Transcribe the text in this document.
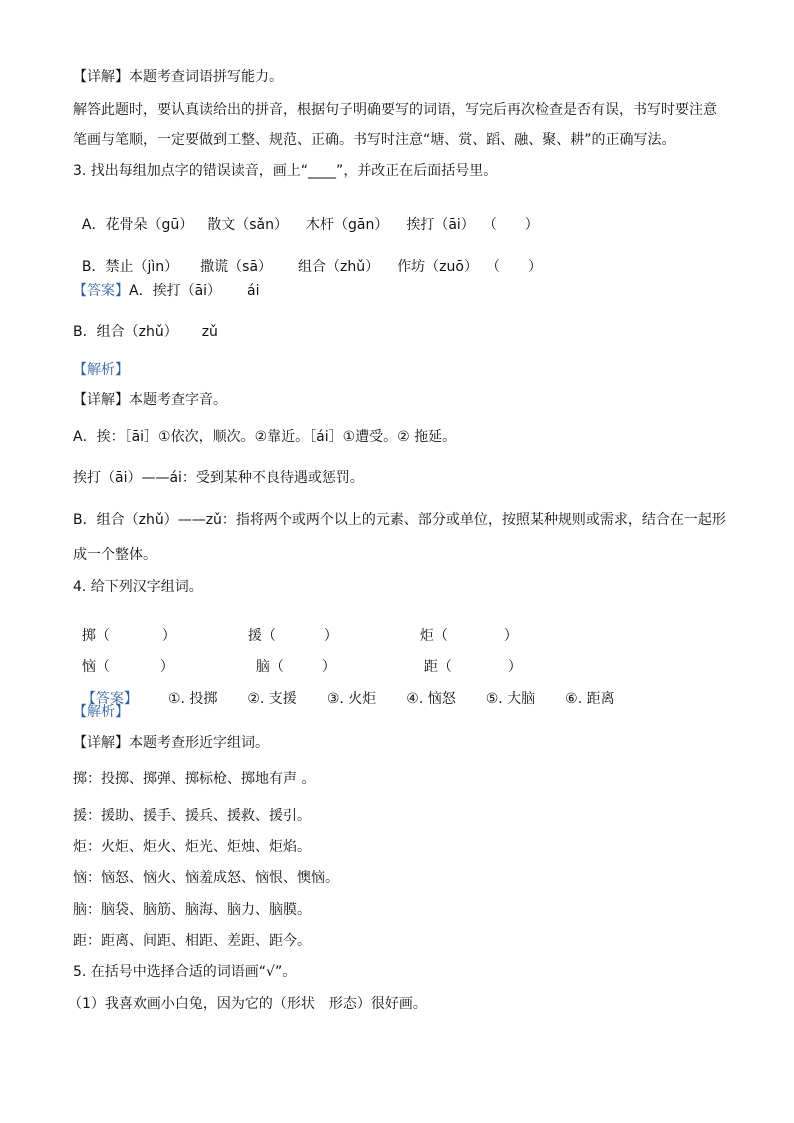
【详解】本题考查词语拼写能力。
解答此题时，要认真读给出的拼音，根据句子明确要写的词语，写完后再次检查是否有误，书写时要注意
笔画与笔顺，一定要做到工整、规范、正确。书写时注意“塘、赏、蹈、融、聚、耕”的正确写法。
3. 找出每组加点字的错误读音，画上“____”，并改正在后面括号里。

A．花骨朵（gū） 散文（sǎn） 木杆（gān） 挨打（āi） （　　）

B．禁止（jìn） 撒谎（sā） 组合（zhǔ） 作坊（zuō） （　　）

【答案】A．挨打（āi） ái
B．组合（zhǔ） zǔ
【解析】
【详解】本题考查字音。
A．挨：［āi］①依次，顺次。②靠近。［ái］①遭受。② 拖延。
挨打（āi）——ái：受到某种不良待遇或惩罚。
B．组合（zhǔ）——zǔ：指将两个或两个以上的元素、部分或单位，按照某种规则或需求，结合在一起形
成一个整体。
4. 给下列汉字组词。

掷（	）	援（	）	炬（	）

恼（	）	脑（	）	距（	）

【答案】 ①. 投掷 ②. 支援 ③. 火炬 ④. 恼怒 ⑤. 大脑 ⑥. 距离

【解析】
【详解】本题考查形近字组词。
掷：投掷、掷弹、掷标枪、掷地有声 。
援：援助、援手、援兵、援救、援引。
炬：火炬、炬火、炬光、炬烛、炬焰。
恼：恼怒、恼火、恼羞成怒、恼恨、懊恼。
脑：脑袋、脑筋、脑海、脑力、脑膜。
距：距离、间距、相距、差距、距今。
5. 在括号中选择合适的词语画“√”。
（1）我喜欢画小白兔，因为它的（形状　形态）很好画。
